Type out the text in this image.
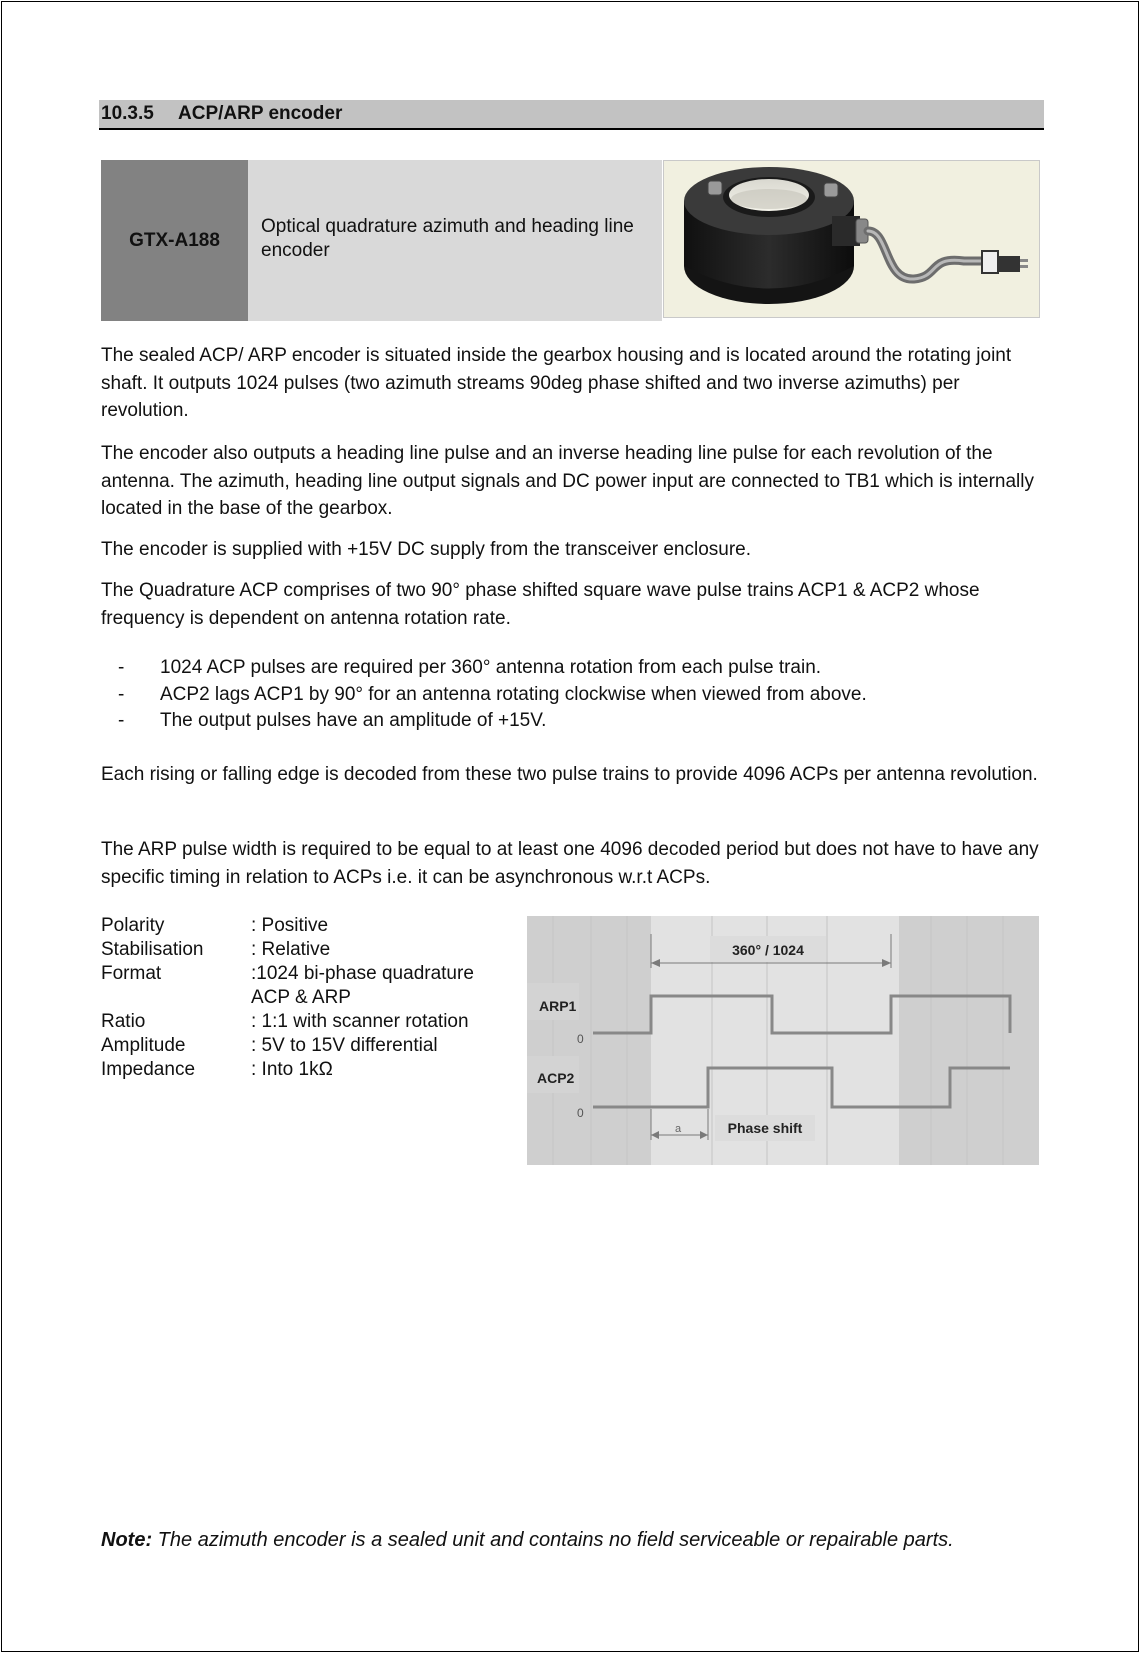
10.3.5 ACP/ARP encoder
GTX-A188
Optical quadrature azimuth and heading line encoder

The sealed ACP/ ARP encoder is situated inside the gearbox housing and is located around the rotating joint shaft. It outputs 1024 pulses (two azimuth streams 90deg phase shifted and two inverse azimuths) per revolution.

The encoder also outputs a heading line pulse and an inverse heading line pulse for each revolution of the antenna. The azimuth, heading line output signals and DC power input are connected to TB1 which is internally located in the base of the gearbox.

The encoder is supplied with +15V DC supply from the transceiver enclosure.

The Quadrature ACP comprises of two 90° phase shifted square wave pulse trains ACP1 & ACP2 whose frequency is dependent on antenna rotation rate.

- 1024 ACP pulses are required per 360° antenna rotation from each pulse train.
- ACP2 lags ACP1 by 90° for an antenna rotating clockwise when viewed from above.
- The output pulses have an amplitude of +15V.

Each rising or falling edge is decoded from these two pulse trains to provide 4096 ACPs per antenna revolution.

The ARP pulse width is required to be equal to at least one 4096 decoded period but does not have to have any specific timing in relation to ACPs i.e. it can be asynchronous w.r.t ACPs.

Polarity	: Positive
Stabilisation	: Relative
Format	:1024 bi-phase quadrature ACP & ARP
Ratio	: 1:1 with scanner rotation
Amplitude	: 5V to 15V differential
Impedance	: Into 1kΩ
360° / 1024
ARP1
ACP2
0
0
a	Phase shift
Note: The azimuth encoder is a sealed unit and contains no field serviceable or repairable parts.
